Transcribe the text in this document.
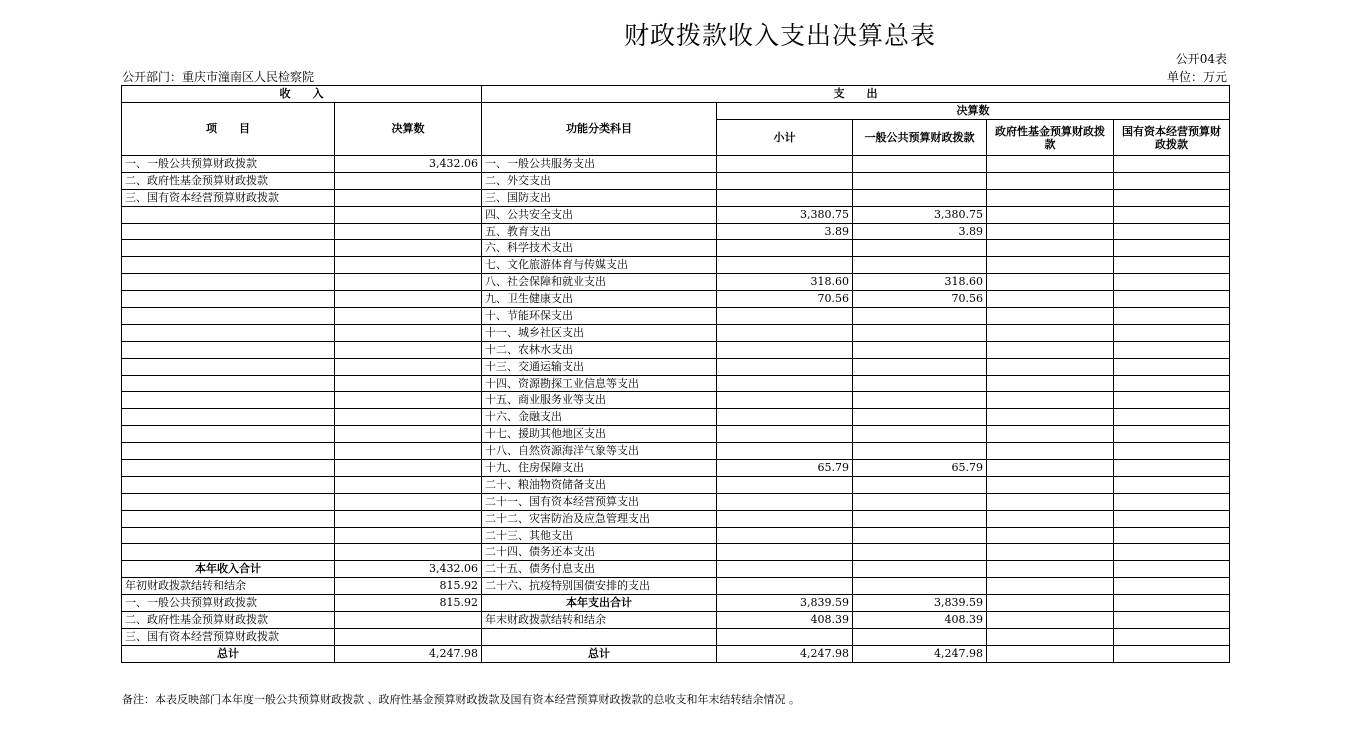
财政拨款收入支出决算总表
公开04表
公开部门：重庆市潼南区人民检察院	单位：万元
收　　入		支　　出				
项　　目	决算数	功能分类科目	决算数			
			小计	一般公共预算财政拨款	政府性基金预算财政拨款	国有资本经营预算财政拨款
一、一般公共预算财政拨款	3,432.06	一、一般公共服务支出				
二、政府性基金预算财政拨款		二、外交支出				
三、国有资本经营预算财政拨款		三、国防支出				
		四、公共安全支出	3,380.75	3,380.75		
		五、教育支出	3.89	3.89		
		六、科学技术支出				
		七、文化旅游体育与传媒支出				
		八、社会保障和就业支出	318.60	318.60		
		九、卫生健康支出	70.56	70.56		
		十、节能环保支出				
		十一、城乡社区支出				
		十二、农林水支出				
		十三、交通运输支出				
		十四、资源勘探工业信息等支出				
		十五、商业服务业等支出				
		十六、金融支出				
		十七、援助其他地区支出				
		十八、自然资源海洋气象等支出				
		十九、住房保障支出	65.79	65.79		
		二十、粮油物资储备支出				
		二十一、国有资本经营预算支出				
		二十二、灾害防治及应急管理支出				
		二十三、其他支出				
		二十四、债务还本支出				
本年收入合计	3,432.06	二十五、债务付息支出				
年初财政拨款结转和结余	815.92	二十六、抗疫特别国债安排的支出				
一、一般公共预算财政拨款	815.92	本年支出合计	3,839.59	3,839.59		
二、政府性基金预算财政拨款		年末财政拨款结转和结余	408.39	408.39		
三、国有资本经营预算财政拨款						
总计	4,247.98	总计	4,247.98	4,247.98		
备注：本表反映部门本年度一般公共预算财政拨款 、政府性基金预算财政拨款及国有资本经营预算财政拨款的总收支和年末结转结余情况 。
